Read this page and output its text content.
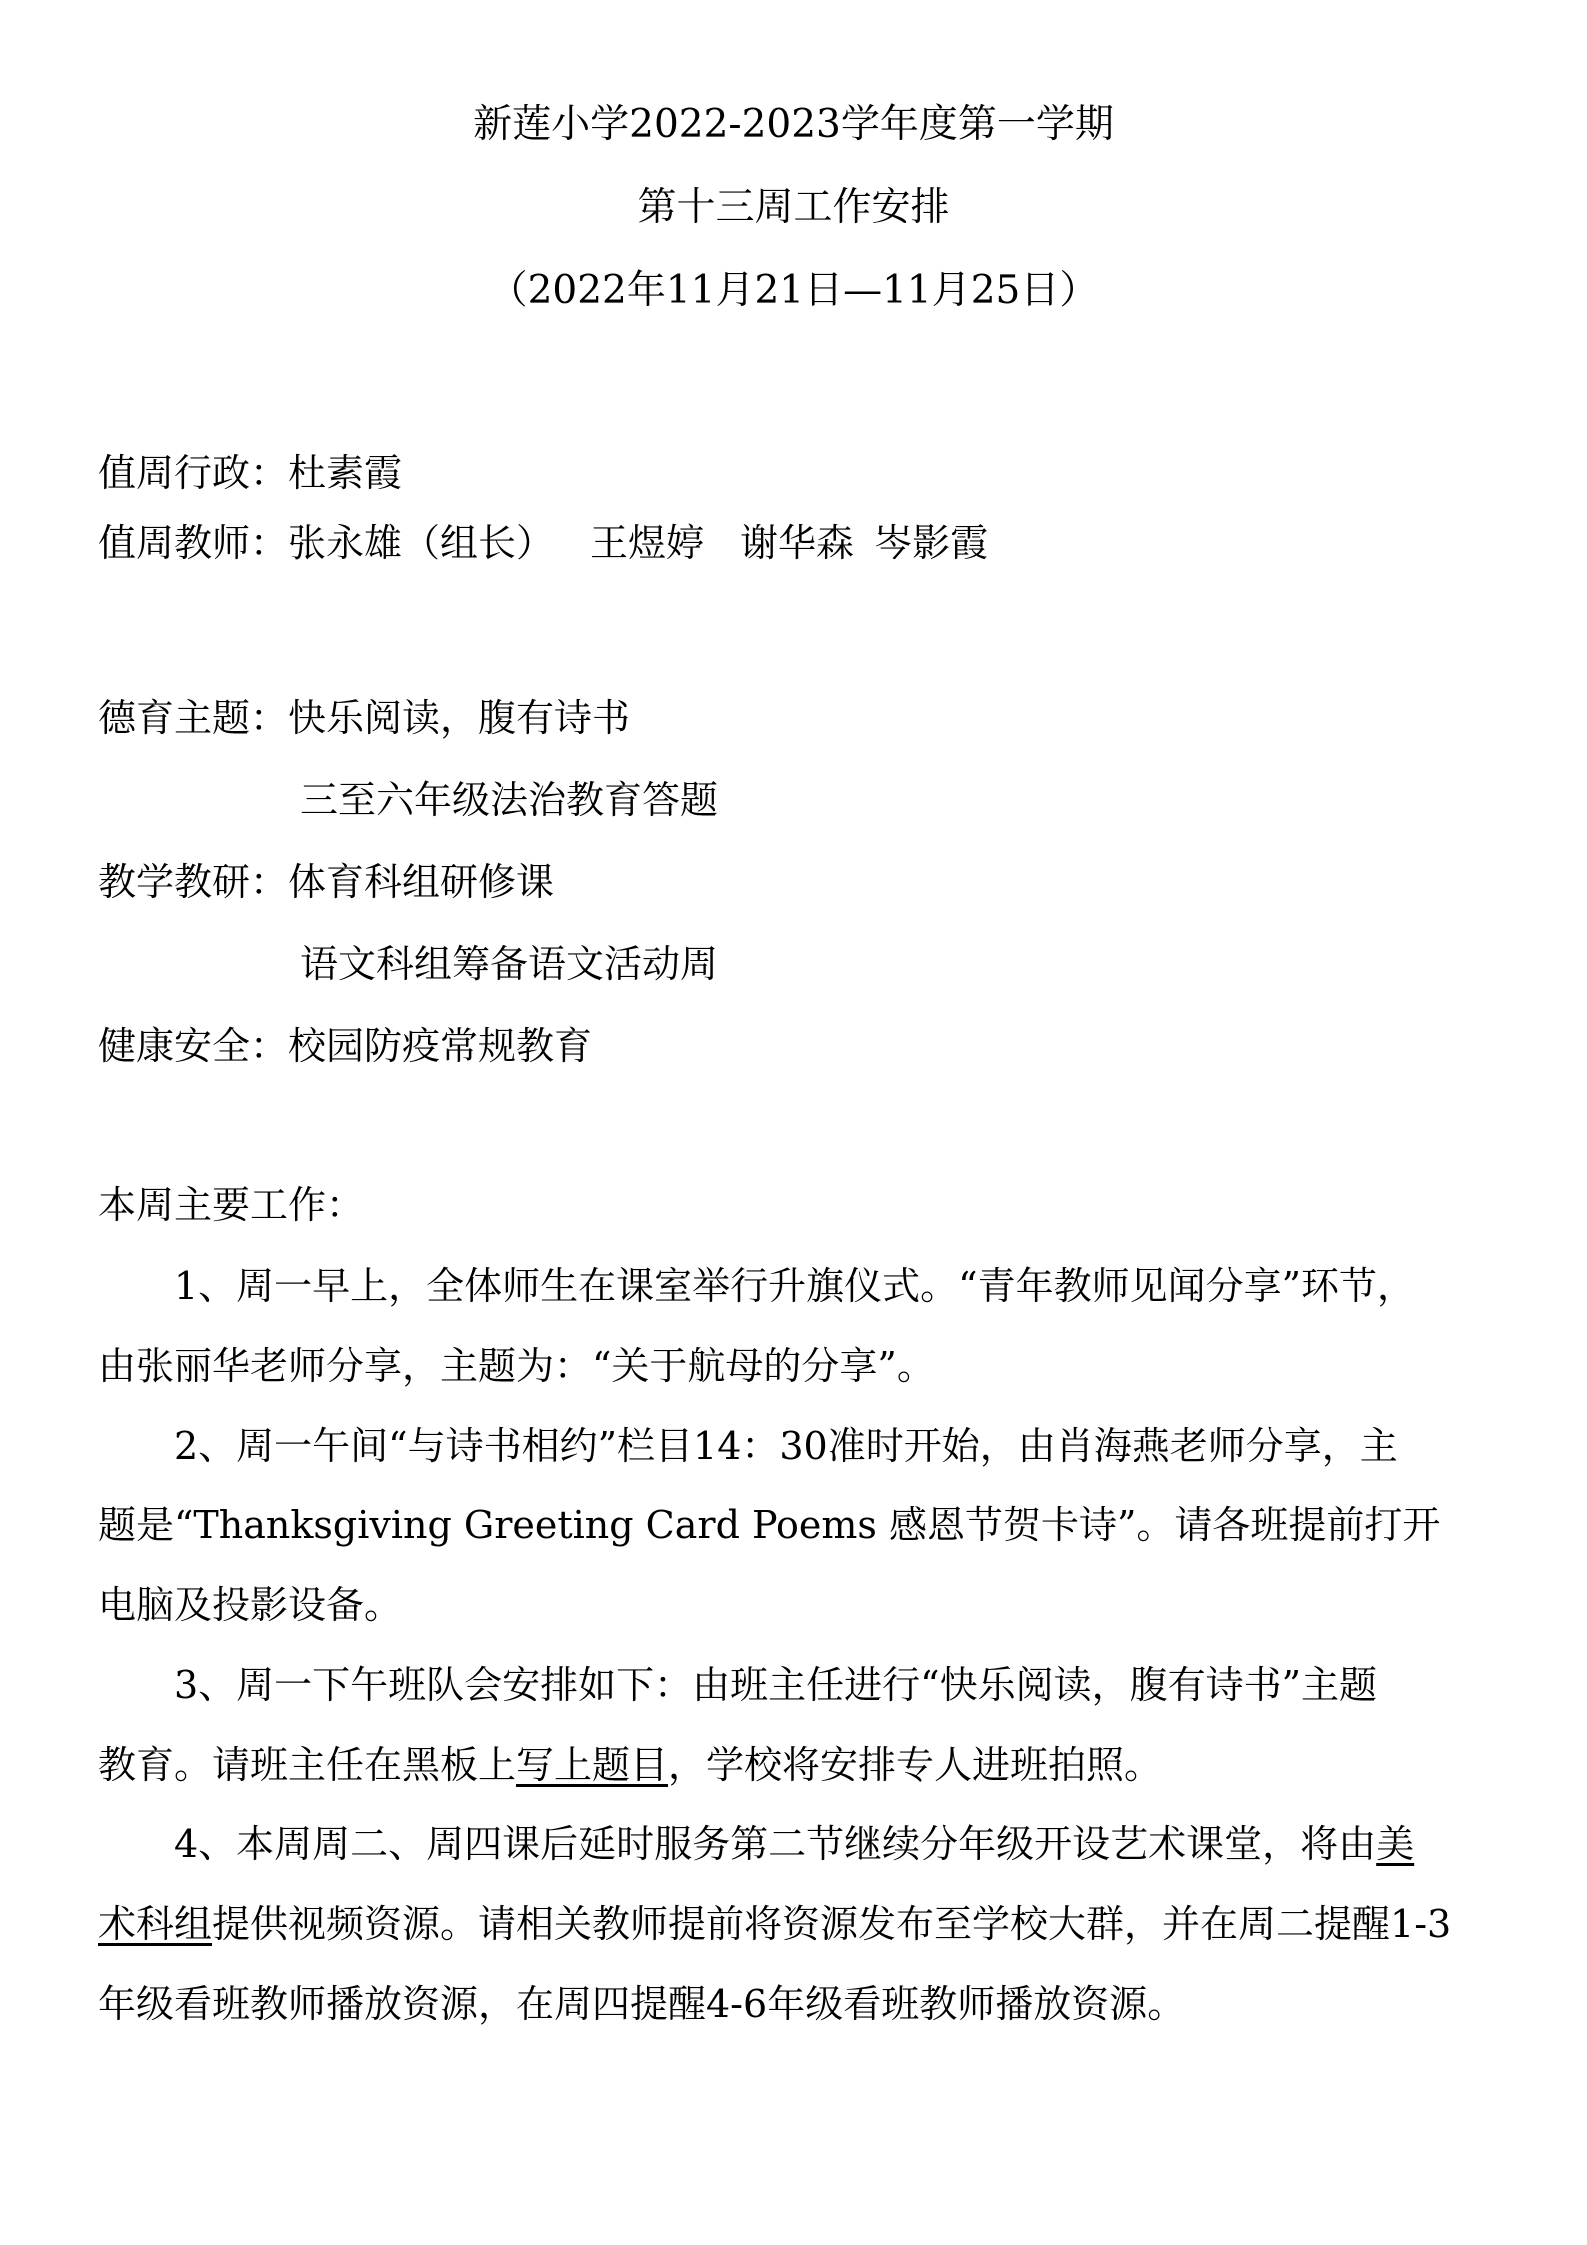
新莲小学2022-2023学年度第一学期
第十三周工作安排
（2022年11月21日—11月25日）
值周行政：杜素霞
值周教师：张永雄（组长） 王煜婷 谢华森 岑影霞
德育主题：快乐阅读，腹有诗书
三至六年级法治教育答题
教学教研：体育科组研修课
语文科组筹备语文活动周
健康安全：校园防疫常规教育
本周主要工作：
1、周一早上，全体师生在课室举行升旗仪式。“青年教师见闻分享”环节，
由张丽华老师分享，主题为：“关于航母的分享”。
2、周一午间“与诗书相约”栏目14：30准时开始，由肖海燕老师分享，主
题是“Thanksgiving Greeting Card Poems 感恩节贺卡诗”。请各班提前打开
电脑及投影设备。
3、周一下午班队会安排如下：由班主任进行“快乐阅读，腹有诗书”主题
教育。请班主任在黑板上写上题目，学校将安排专人进班拍照。
4、本周周二、周四课后延时服务第二节继续分年级开设艺术课堂，将由美
术科组提供视频资源。请相关教师提前将资源发布至学校大群，并在周二提醒1-3
年级看班教师播放资源，在周四提醒4-6年级看班教师播放资源。
